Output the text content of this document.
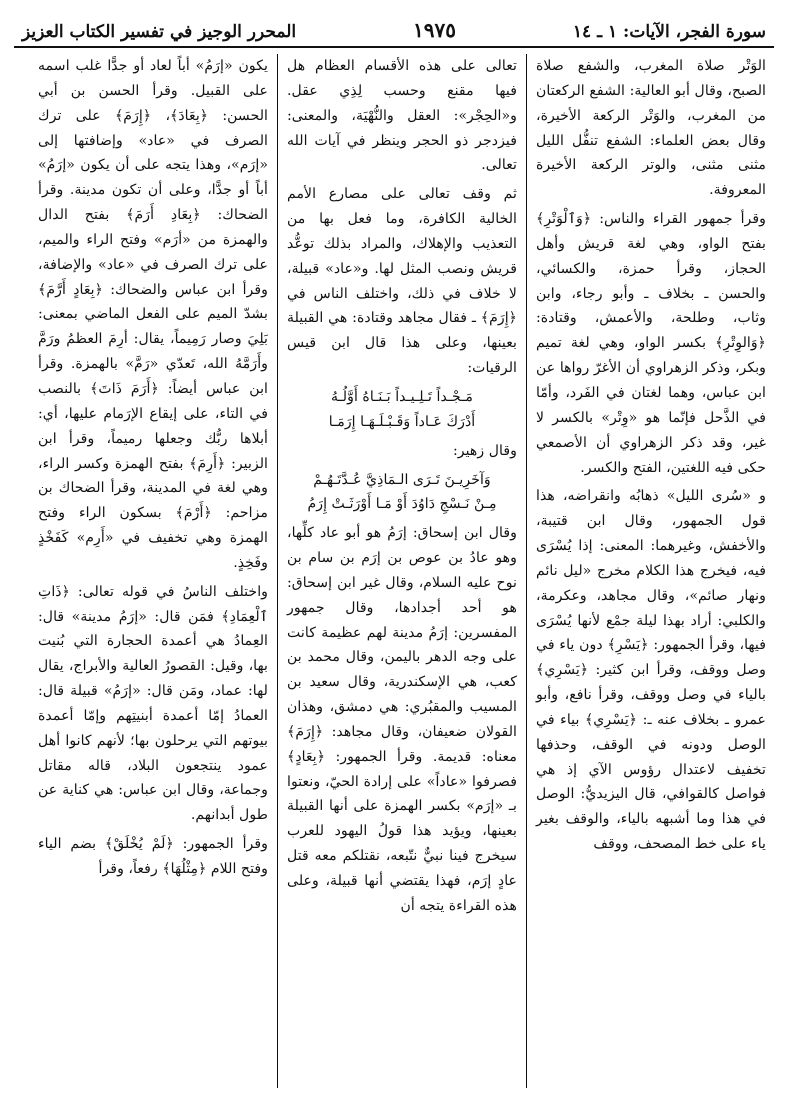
سورة الفجر، الآيات: ١ ـ ١٤
١٩٧٥
المحرر الوجيز في تفسير الكتاب العزيز

الوَتْر صلاة المغرب، والشفع صلاة الصبح، وقال أبو العالية: الشفع الركعتان من المغرب، والوَتْر الركعة الأخيرة، وقال بعض العلماء: الشفع تنفُّل الليل مثنى مثنى، والوتر الركعة الأخيرة المعروفة.

وقرأ جمهور القراء والناس: ﴿وَٱلْوَتْرِ﴾ بفتح الواو، وهي لغة قريش وأهل الحجاز، وقرأ حمزة، والكسائي، والحسن ـ بخلاف ـ وأبو رجاء، وابن وثاب، وطلحة، والأعمش، وقتادة: ﴿وَالوِتْرِ﴾ بكسر الواو، وهي لغة تميم وبكر، وذكر الزهراوي أن الأغرّ رواها عن ابن عباس، وهما لغتان في الفَرد، وأمّا في الذَّحل فإنّما هو «وِتْر» بالكسر لا غير، وقد ذكر الزهراوي أن الأصمعي حكى فيه اللغتين، الفتح والكسر.

و «سُرى الليل» ذهابُه وانقراضه، هذا قول الجمهور، وقال ابن قتيبة، والأخفش، وغيرهما: المعنى: إذا يُسْرَى فيه، فيخرج هذا الكلام مخرج «ليل نائم ونهار صائم»، وقال مجاهد، وعكرمة، والكلبي: أراد بهذا ليلة جمْع لأنها يُسْرَى فيها، وقرأ الجمهور: ﴿يَسْرِ﴾ دون ياء في وصل ووقف، وقرأ ابن كثير: ﴿يَسْرِي﴾ بالياء في وصل ووقف، وقرأ نافع، وأبو عمرو ـ بخلاف عنه ـ: ﴿يَسْرِي﴾ بياء في الوصل ودونه في الوقف، وحذفها تخفيف لاعتدال رؤوس الآي إذ هي فواصل كالقوافي، قال اليزيديُّ: الوصل في هذا وما أشبهه بالياء، والوقف بغير ياء على خط المصحف، ووقف

تعالى على هذه الأقسام العظام هل فيها مقنع وحسب لِذِي عقل. و«الحِجْر»: العقل والنُّهْيَة، والمعنى: فيزدجر ذو الحجر وينظر في آيات الله تعالى.

ثم وقف تعالى على مصارع الأمم الخالية الكافرة، وما فعل بها من التعذيب والإهلاك، والمراد بذلك توعُّد قريش ونصب المثل لها. و«عاد» قبيلة، لا خلاف في ذلك، واختلف الناس في ﴿إِرَمَ﴾ ـ فقال مجاهد وقتادة: هي القبيلة بعينها، وعلى هذا قال ابن قيس الرقيات:

مَـجْـداً تَـلِـيـداً بَـنَـاهُ أَوَّلُـهُ
أَدْرَكَ عَـاداً وَقَـبْـلَـهَـا إِرَمَـا

وقال زهير:

وَآخَرِيـنَ تَـرَى الـمَاذِيَّ عُـدَّتَـهُـمْ
مِـنْ نَـسْجِ دَاوُدَ أَوْ مَـا أَوْرَثَـتْ إِرَمُ

وقال ابن إسحاق: إرَمُ هو أبو عاد كلِّها، وهو عادُ بن عوص بن إرَم بن سام بن نوح عليه السلام، وقال غير ابن إسحاق: هو أحد أجدادها، وقال جمهور المفسرين: إرَمُ مدينة لهم عظيمة كانت على وجه الدهر باليمن، وقال محمد بن كعب، هي الإسكندرية، وقال سعيد بن المسيب والمقبُري: هي دمشق، وهذان القولان ضعيفان، وقال مجاهد: ﴿إِرَمَ﴾ معناه: قديمة. وقرأ الجمهور: ﴿بِعَادٍ﴾ فصرفوا «عاداً» على إرادة الحيّ، ونعتوا بـ «إرَم» بكسر الهمزة على أنها القبيلة بعينها، ويؤيد هذا قولُ اليهود للعرب سيخرج فينا نبيٌّ نتّبعه، نقتلكم معه قتل عادٍ إرَم، فهذا يقتضي أنها قبيلة، وعلى هذه القراءة يتجه أن

يكون «إرَمُ» أباً لعاد أو جدًّا غلب اسمه على القبيل. وقرأ الحسن بن أبي الحسن: ﴿بِعَادَ﴾، ﴿إِرَمَ﴾ على ترك الصرف في «عاد» وإضافتها إلى «إرَم»، وهذا يتجه على أن يكون «إرَمُ» أباً أو جدًّا، وعلى أن تكون مدينة. وقرأ الضحاك: ﴿بِعَادِ أَرَمَ﴾ بفتح الدال والهمزة من «أرَم» وفتح الراء والميم، على ترك الصرف في «عاد» والإضافة، وقرأ ابن عباس والضحاك: ﴿بِعَادٍ أَرَّمَ﴾ بشدّ الميم على الفعل الماضي بمعنى: بَلِيَ وصار رَمِيماً، يقال: أرِمَ العظمُ ورَمَّ وأَرَمَّهُ الله، تَعدّي «رَمَّ» بالهمزة. وقرأ ابن عباس أيضاً: ﴿أَرَمَ ذَاتَ﴾ بالنصب في التاء، على إيقاع الإرَمام عليها، أي: أبلاها ربُّك وجعلها رميماً، وقرأ ابن الزبير: ﴿أَرِمَ﴾ بفتح الهمزة وكسر الراء، وهي لغة في المدينة، وقرأ الضحاك بن مزاحم: ﴿أَرْمَ﴾ بسكون الراء وفتح الهمزة وهي تخفيف في «أَرِم» كَفَخْذٍ وفَخِذٍ.

واختلف الناسُ في قوله تعالى: ﴿ذَاتِ ٱلْعِمَادِ﴾ فمَن قال: «إرَمُ مدينة» قال: العِمادُ هي أعمدة الحجارة التي بُنيت بها، وقيل: القصورُ العالية والأبراج، يقال لها: عماد، ومَن قال: «إرَمُ» قبيلة قال: العمادُ إمّا أعمدة أبنيتِهم وإمّا أعمدة بيوتهم التي يرحلون بها؛ لأنهم كانوا أهل عمود ينتجعون البلاد، قاله مقاتل وجماعة، وقال ابن عباس: هي كناية عن طول أبدانهم.

وقرأ الجمهور: ﴿لَمْ يُخْلَقْ﴾ بضم الياء وفتح اللام ﴿مِثْلُهَا﴾ رفعاً، وقرأ
